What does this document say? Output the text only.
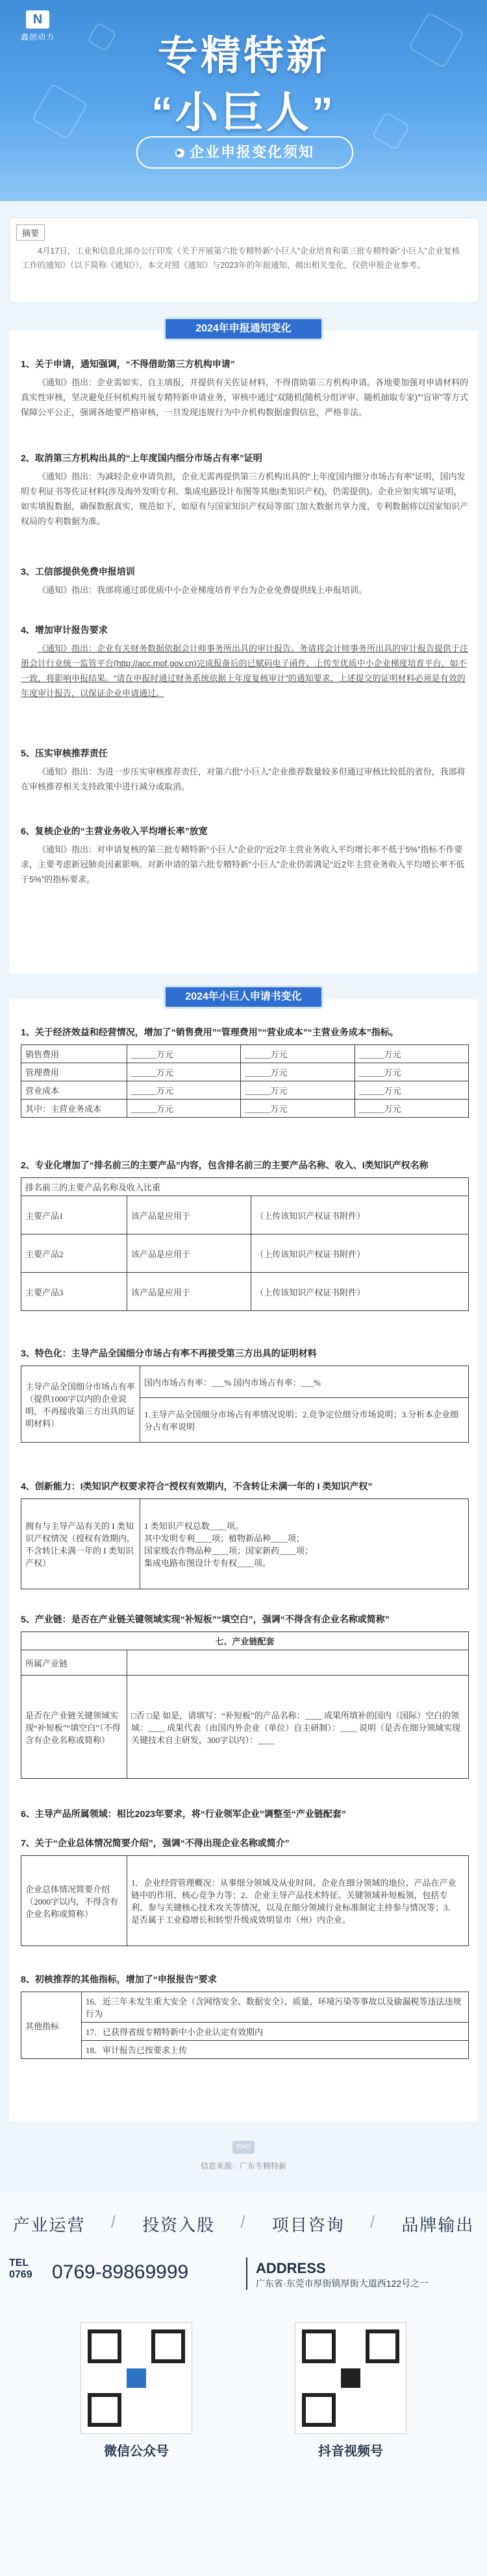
N
鑫创动力	专精特新
“小巨人”
▶ 企业申报变化须知
摘要
4月17日，工业和信息化部办公厅印发《关于开展第六批专精特新“小巨人”企业培育和第三批专精特新“小巨人”企业复核工作的通知》（以下简称《通知》）。本文对照《通知》与2023年的年报通知，揭出相关变化，仅供申报企业参考。
2024年申报通知变化
1、关于申请，通知强调，“不得借助第三方机构申请”

《通知》指出：企业需如实、自主填报，并提供有关佐证材料，不得借助第三方机构申请。各地要加强对申请材料的真实性审核，坚决避免任何机构开展专精特新申请业务，审核中通过“双随机(随机分组评审、随机抽取专家)”“盲审”等方式保障公平公正，强调各地要严格审核，一旦发现违规行为中介机构数据虚假信息，严格非法。

2、取消第三方机构出具的“上年度国内细分市场占有率”证明

《通知》指出：为减轻企业申请负担，企业无需再提供第三方机构出具的“上年度国内细分市场占有率”证明，国内发明专利证书等佐证材料(涉及海外发明专利、集成电路设计布图等其他I类知识产权)，仍需提供)。企业应如实填写证明，如实填报数据，确保数据真实，规范如下，如原有与国家知识产权局等部门加大数据共享力度，专利数据将以国家知识产权局的专利数据为准。

3、工信部提供免费申报培训

《通知》指出：我部将通过部优质中小企业梯度培育平台为企业免费提供线上申报培训。

4、增加审计报告要求

《通知》指出：企业有关财务数据依据会计师事务所出具的审计报告。务请将会计师事务所出具的审计报告提供于注册会计行业统一监管平台(http://acc.mof.gov.cn)完成报备后的已赋码电子函件，上传至优质中小企业梯度培育平台，如不一致，将影响申报结果。“请在申报时通过财务系统依据上年度复核审计”的通知要求，上述提交的证明材料必须是有效的年度审计报告，以保证企业申请通过。

5、压实审核推荐责任

《通知》指出：为进一步压实审核推荐责任，对第六批“小巨人”企业推荐数量较多但通过审核比较低的省份，我部将在审核推荐相关支持政策中进行减分或取消。

6、复核企业的“主营业务收入平均增长率”放宽

《通知》指出：对申请复核的第三批专精特新“小巨人”企业的“近2年主营业务收入平均增长率不低于5%”指标不作要求，主要考虑新冠肺炎因素影响。对新申请的第六批专精特新“小巨人”企业仍需满足“近2年主营业务收入平均增长率不低于5%”的指标要求。

2024年小巨人申请书变化
1、关于经济效益和经营情况，增加了“销售费用”“管理费用”“营业成本”“主营业务成本”指标。
销售费用	______万元	______万元	______万元
管理费用	______万元	______万元	______万元
营业成本	______万元	______万元	______万元
其中：主营业务成本	______万元	______万元	______万元
2、专业化增加了“排名前三的主要产品”内容，包含排名前三的主要产品名称、收入、I类知识产权名称
排名前三的主要产品名称及收入比重		
主要产品1	该产品是应用于	（上传该知识产权证书附件）
主要产品2	该产品是应用于	（上传该知识产权证书附件）
主要产品3	该产品是应用于	（上传该知识产权证书附件）
3、特色化：主导产品全国细分市场占有率不再接受第三方出具的证明材料
主导产品全国细分市场占有率（提供1000字以内的企业说明，不再接收第三方出具的证明材料）	国内市场占有率：___% 国内市场占有率：___%
1.主导产品全国细分市场占有率情况说明；2.竞争定位细分市场说明；3.分析本企业细分占有率说明
4、创新能力：I类知识产权要求符合“授权有效期内，不含转让未满一年的 I 类知识产权”
拥有与主导产品有关的 I 类知识产权情况（授权有效期内，不含转让未满一年的 I 类知识产权）	
1 类知识产权总数____项。
其中发明专利____项；植物新品种____项；
国家级农作物品种____项；国家新药____项；
集成电路布图设计专有权____项。
5、产业链：是否在产业链关键领域实现“补短板”“填空白”，强调“不得含有企业名称或简称”
七、产业链配套	
所属产业链	
是否在产业链关键领域实现“补短板”“填空白”（不得含有企业名称或简称）	□否 □是 如是，请填写：“补短板”的产品名称：____ 成果所填补的国内（国际）空白的领域：____ 成果代表（由国内外企业（单位）自主研制）：____ 说明（是否在细分领域实现关键技术自主研发，300字以内）：____
6、主导产品所属领域：相比2023年要求，将“行业领军企业”调整至“产业链配套”
7、关于“企业总体情况简要介绍”，强调“不得出现企业名称或简介”
企业总体情况简要介绍（2000字以内，不得含有企业名称或简称）	1．企业经营管理概况：从事细分领域及从业时间、企业在细分领域的地位、产品在产业链中的作用、核心竞争力等；2．企业主导产品技术特征。关键领域补短板领，包括专利、参与关键核心技术攻关等情况，以及在细分领域行业标准制定主持参与情况等；3．是否属于工业稳增长和转型升级成效明显市（州）内企业。
8、初核推荐的其他指标，增加了“申报报告”要求
其他指标	16．近三年未发生重大安全（含网络安全、数据安全）、质量、环境污染等事故以及偷漏税等违法违规行为
17．已获得省级专精特新中小企业认定有效期内
18．审计报告已按要求上传
END
信息来源：广东专精特新
产业运营 / 投资入股 / 项目咨询 / 品牌输出
TEL 0769	0769-89869999	ADDRESS
广东省·东莞市厚街镇厚街大道西122号之一
微信公众号	抖音视频号
